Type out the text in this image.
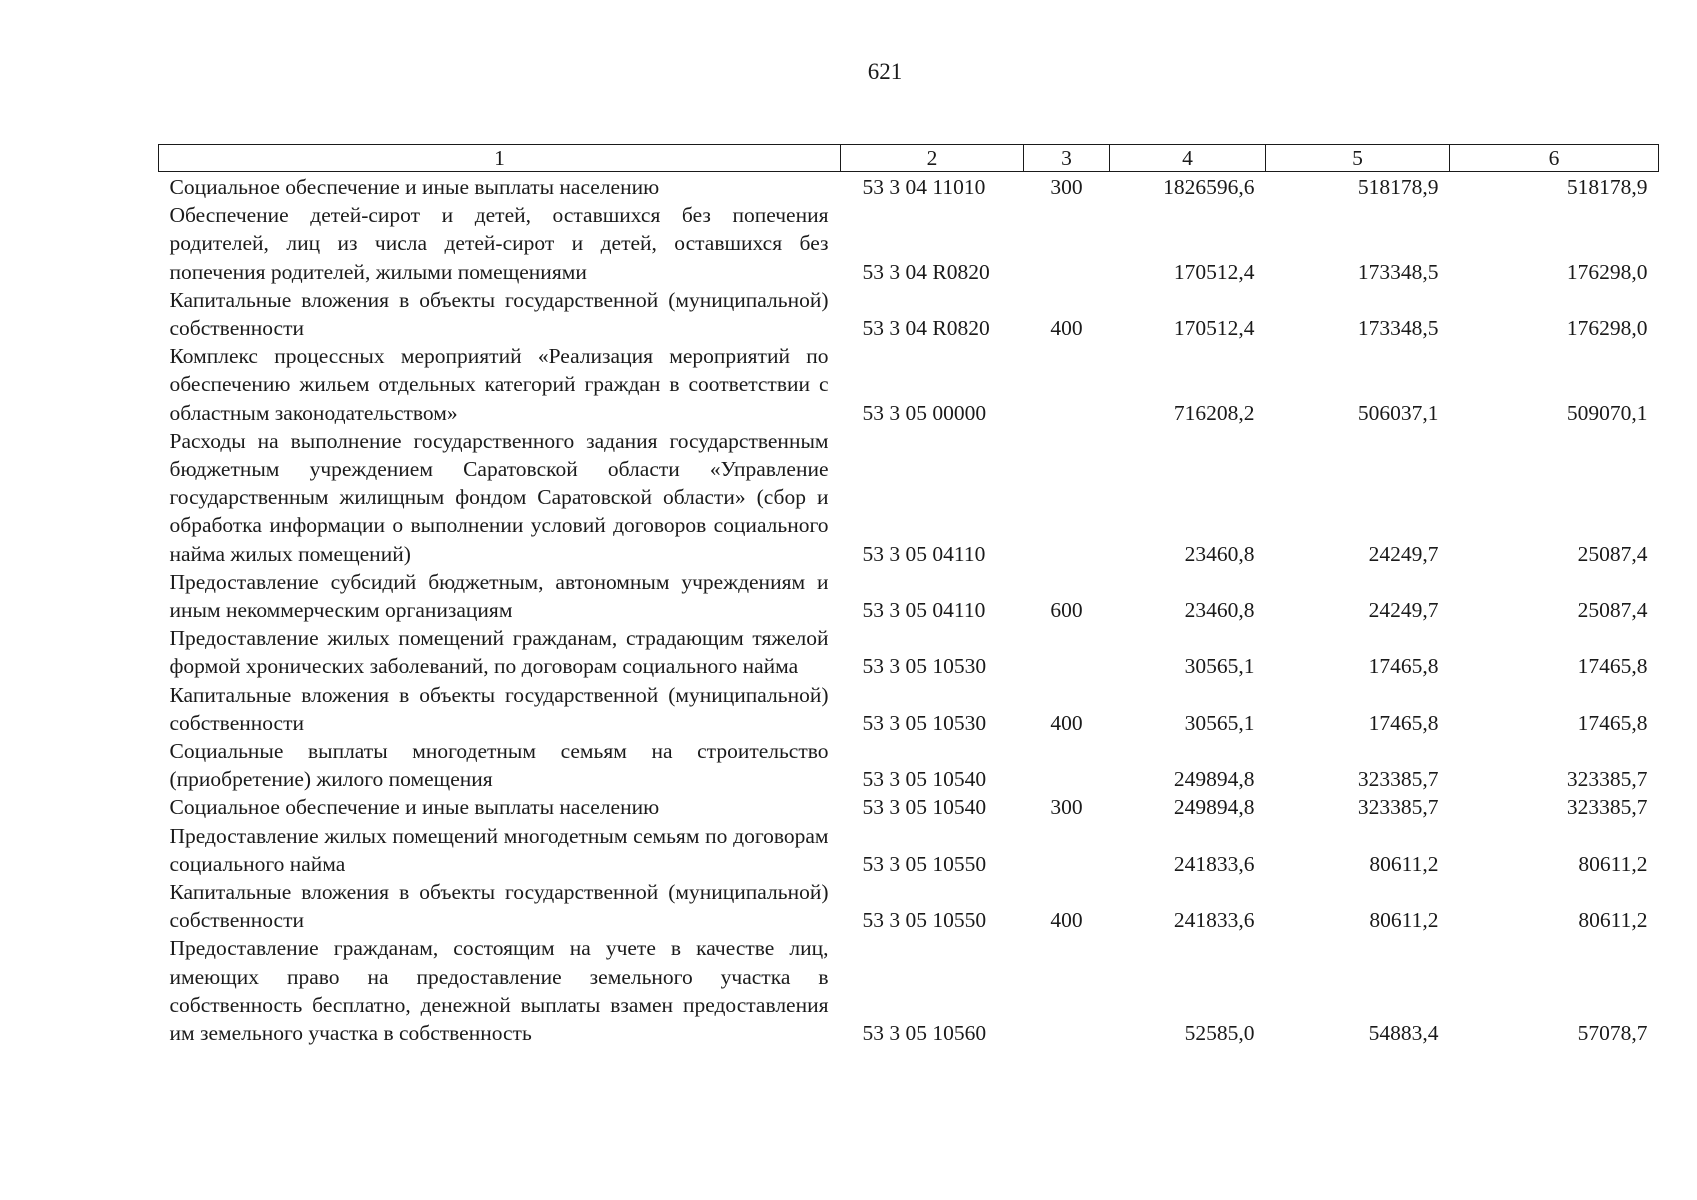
621
1	2	3	4	5	6
Социальное обеспечение и иные выплаты населению	53 3 04 11010	300	1826596,6	518178,9	518178,9
Обеспечение детей-сирот и детей, оставшихся без попечения родителей, лиц из числа детей-сирот и детей, оставшихся без попечения родителей, жилыми помещениями	53 3 04 R0820		170512,4	173348,5	176298,0
Капитальные вложения в объекты государственной (муниципальной) собственности	53 3 04 R0820	400	170512,4	173348,5	176298,0
Комплекс процессных мероприятий «Реализация мероприятий по обеспечению жильем отдельных категорий граждан в соответствии с областным законодательством»	53 3 05 00000		716208,2	506037,1	509070,1
Расходы на выполнение государственного задания государственным бюджетным учреждением Саратовской области «Управление государственным жилищным фондом Саратовской области» (сбор и обработка информации о выполнении условий договоров социального найма жилых помещений)	53 3 05 04110		23460,8	24249,7	25087,4
Предоставление субсидий бюджетным, автономным учреждениям и иным некоммерческим организациям	53 3 05 04110	600	23460,8	24249,7	25087,4
Предоставление жилых помещений гражданам, страдающим тяжелой формой хронических заболеваний, по договорам социального найма	53 3 05 10530		30565,1	17465,8	17465,8
Капитальные вложения в объекты государственной (муниципальной) собственности	53 3 05 10530	400	30565,1	17465,8	17465,8
Социальные выплаты многодетным семьям на строительство (приобретение) жилого помещения	53 3 05 10540		249894,8	323385,7	323385,7
Социальное обеспечение и иные выплаты населению	53 3 05 10540	300	249894,8	323385,7	323385,7
Предоставление жилых помещений многодетным семьям по договорам социального найма	53 3 05 10550		241833,6	80611,2	80611,2
Капитальные вложения в объекты государственной (муниципальной) собственности	53 3 05 10550	400	241833,6	80611,2	80611,2
Предоставление гражданам, состоящим на учете в качестве лиц, имеющих право на предоставление земельного участка в собственность бесплатно, денежной выплаты взамен предоставления им земельного участка в собственность	53 3 05 10560		52585,0	54883,4	57078,7
